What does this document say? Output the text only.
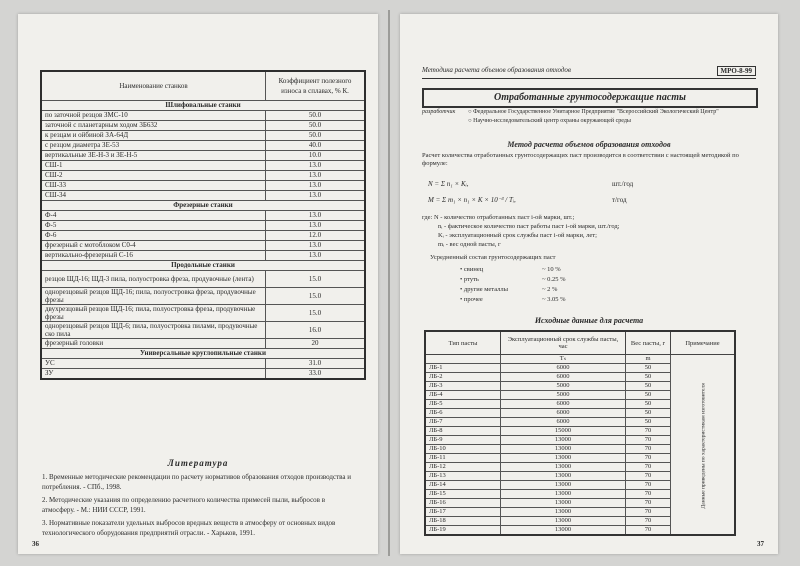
Наименование станков	Коэффициент полезного износа в сплавах, % К.
Шлифовальные станки	
по заточной резцов ЗМС-10	50.0
заточной с планетарным ходом 3Б632	50.0
к резцам и ойбиной ЗА-64Д	50.0
с резцом диаметра ЗЕ-53	40.0
вертикальные ЗЕ-Н-3 и ЗЕ-Н-5	10.0
СШ-1	13.0
СШ-2	13.0
СШ-33	13.0
СШ-34	13.0
Фрезерные станки	
Ф-4	13.0
Ф-5	13.0
Ф-6	12.0
фрезерный с мотоблоком С0-4	13.0
вертикально-фрезерный С-16	13.0
Продольные станки	
резцов ЩД-16; ЩД-3 пила, полуостровка фреза, продувочные (лента)	15.0
однорезцовый резцов ЩД-16; пила, полуостровка фреза, продувочные фрезы	15.0
двухрезцовый резцов ЩД-16; пила, полуостровка фреза, продувочные фрезы	15.0
однорезцовый резцов ЩД-6; пила, полуостровка пилами, продувочные ско пила	16.0
фрезерный головки	20
Универсальные круглопильные станки	
УС	31.0
ЗУ	33.0
Литература

1. Временные методические рекомендации по расчету нормативов образования отходов производства и потребления. - СПб., 1998.

2. Методические указания по определению расчетного количества примесей пыли, выбросов в атмосферу. - М.: НИИ СССР, 1991.

3. Нормативные показатели удельных выбросов вредных веществ в атмосферу от основных видов технологического оборудования предприятий отрасли. - Харьков, 1991.

36
Методика расчета объемов образования отходов	МРО-8-99
Отработанные грунтосодержащие пасты
разработчик ○ Федеральное Государственное Унитарное Предприятие "Всероссийский Экологический Центр"
○ Научно-исследовательский центр охраны окружающей среды
Метод расчета объемов образования отходов
Расчет количества отработанных грунтосодержащих паст производится в соответствии с настоящей методикой по формуле:
N = Σ n₁ × Kᵢ,	шт./год
M = Σ m₁ × n₁ × K × 10⁻³ / Tᵢ,	т/год
где: N - количество отработанных паст i-ой марки, шт.;
nᵢ - фактическое количество паст работы паст i-ой марки, шт./год;
Kᵢ - эксплуатационный срок службы паст i-ой марки, лет;
mᵢ - вес одной пасты, г
Усредненный состав грунтосодержащих паст
• свинец	~ 10 %
• ртуть	~ 0.25 %
• другие металлы	~ 2 %
• прочее	~ 3.05 %
Исходные данные для расчета
Тип пасты	Эксплуатационный срок службы пасты, час	Вес пасты, г	Примечание
	Tₛ	m	Данные приведены по характеристикам изготовителя
ЛБ-1	6000	50	
ЛБ-2	6000	50	
ЛБ-3	5000	50	
ЛБ-4	5000	50	
ЛБ-5	6000	50	
ЛБ-6	6000	50	
ЛБ-7	6000	50	
ЛБ-8	15000	70	
ЛБ-9	13000	70	
ЛБ-10	13000	70	
ЛБ-11	13000	70	
ЛБ-12	13000	70	
ЛБ-13	13000	70	
ЛБ-14	13000	70	
ЛБ-15	13000	70	
ЛБ-16	13000	70	
ЛБ-17	13000	70	
ЛБ-18	13000	70	
ЛБ-19	13000	70	
37
